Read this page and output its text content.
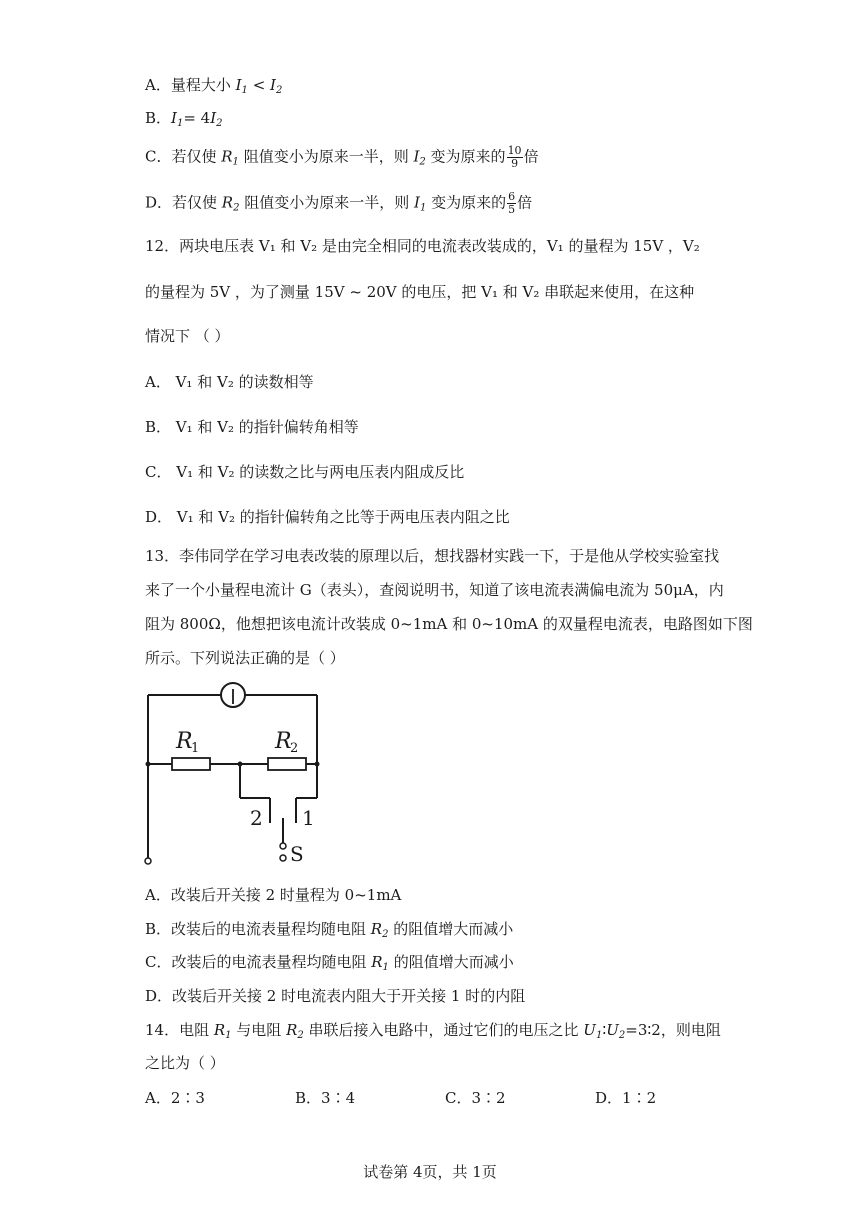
A．量程大小 $I_1 < I_2$
B．$I_1= 4I_2$
C．若仅使 $R_1$ 阻值变小为原来一半，则 $I_2$ 变为原来的 $\frac{10}{9}$ 倍
D．若仅使 $R_2$ 阻值变小为原来一半，则 $I_1$ 变为原来的 $\frac{6}{5}$ 倍
12．两块电压表 V₁ 和 V₂ 是由完全相同的电流表改装成的，V₁ 的量程为 15V ，V₂
的量程为 5V ，为了测量 15V ~ 20V 的电压，把 V₁ 和 V₂ 串联起来使用，在这种
情况下 （ ）
A． V₁ 和 V₂ 的读数相等
B． V₁ 和 V₂ 的指针偏转角相等
C． V₁ 和 V₂ 的读数之比与两电压表内阻成反比
D． V₁ 和 V₂ 的指针偏转角之比等于两电压表内阻之比
13．李伟同学在学习电表改装的原理以后，想找器材实践一下，于是他从学校实验室找
来了一个小量程电流计 G（表头），查阅说明书，知道了该电流表满偏电流为 50μA，内
阻为 800Ω，他想把该电流计改装成 0~1mA 和 0~10mA 的双量程电流表，电路图如下图
所示。下列说法正确的是（ ）
R
1	R
2
2 1
S
A．改装后开关接 2 时量程为 0~1mA
B．改装后的电流表量程均随电阻 $R_2$ 的阻值增大而减小
C．改装后的电流表量程均随电阻 $R_1$ 的阻值增大而减小
D．改装后开关接 2 时电流表内阻大于开关接 1 时的内阻
14．电阻 $R_1$ 与电阻 $R_2$ 串联后接入电路中，通过它们的电压之比 $U_1∶U_2=3∶2$，则电阻
之比为（ ）
A．2∶3	B．3∶4	C．3∶2	D．1∶2
试卷第 4页，共 1页
